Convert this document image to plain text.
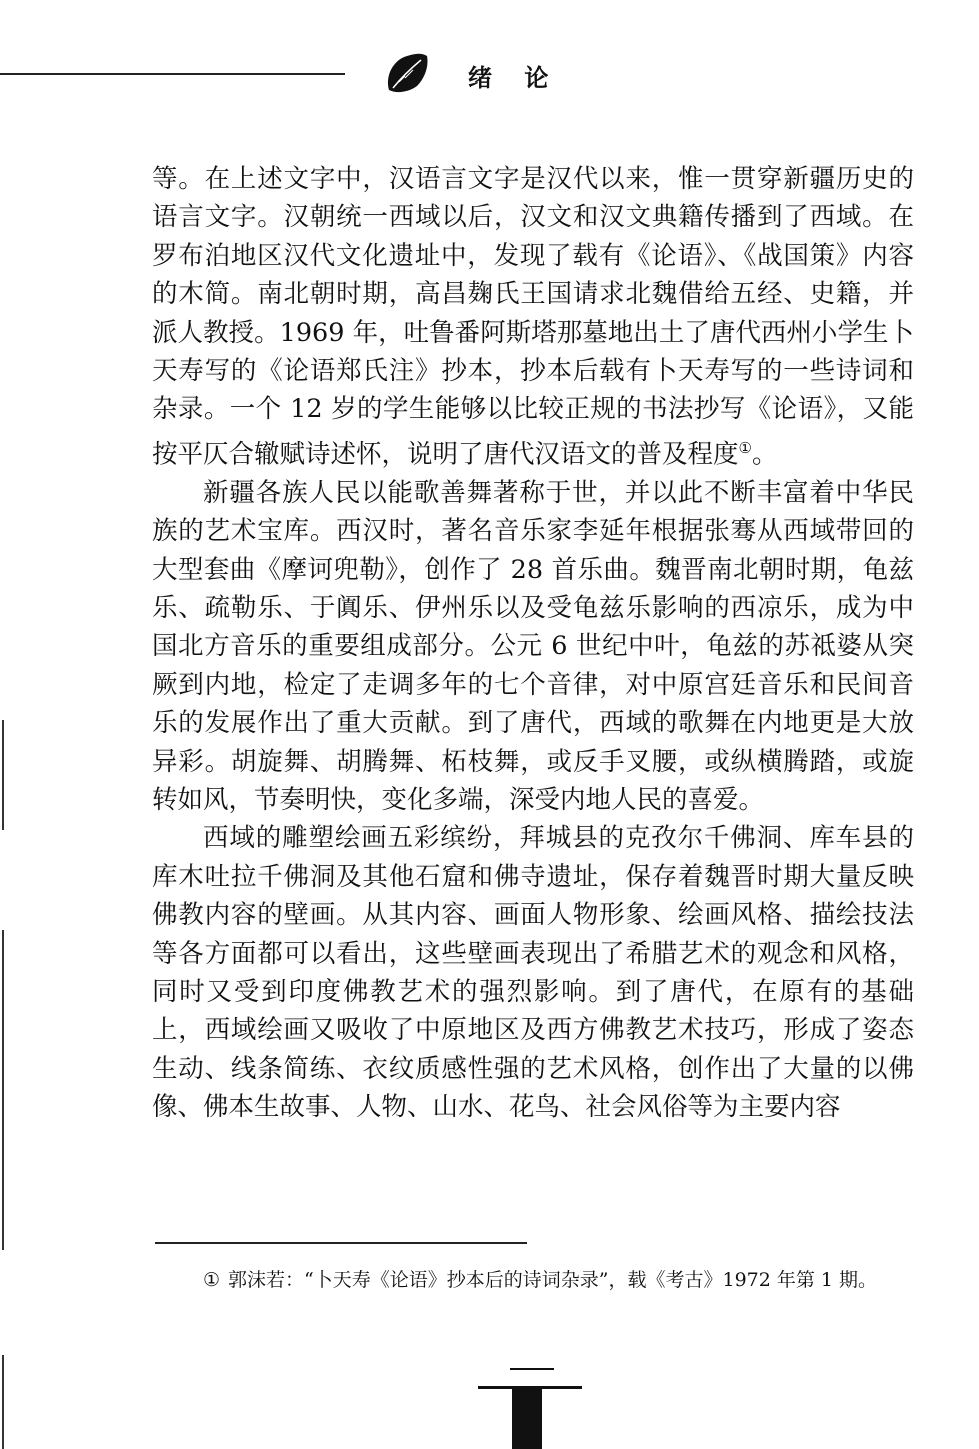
绪 论

等。在上述文字中，汉语言文字是汉代以来，惟一贯穿新疆历史的语言文字。汉朝统一西域以后，汉文和汉文典籍传播到了西域。在罗布泊地区汉代文化遗址中，发现了载有《论语》、《战国策》内容的木简。南北朝时期，高昌麹氏王国请求北魏借给五经、史籍，并派人教授。1969 年，吐鲁番阿斯塔那墓地出土了唐代西州小学生卜天寿写的《论语郑氏注》抄本，抄本后载有卜天寿写的一些诗词和杂录。一个 12 岁的学生能够以比较正规的书法抄写《论语》，又能按平仄合辙赋诗述怀，说明了唐代汉语文的普及程度①。

新疆各族人民以能歌善舞著称于世，并以此不断丰富着中华民族的艺术宝库。西汉时，著名音乐家李延年根据张骞从西域带回的大型套曲《摩诃兜勒》，创作了 28 首乐曲。魏晋南北朝时期，龟兹乐、疏勒乐、于阗乐、伊州乐以及受龟兹乐影响的西凉乐，成为中国北方音乐的重要组成部分。公元 6 世纪中叶，龟兹的苏祗婆从突厥到内地，检定了走调多年的七个音律，对中原宫廷音乐和民间音乐的发展作出了重大贡献。到了唐代，西域的歌舞在内地更是大放异彩。胡旋舞、胡腾舞、柘枝舞，或反手叉腰，或纵横腾踏，或旋转如风，节奏明快，变化多端，深受内地人民的喜爱。

西域的雕塑绘画五彩缤纷，拜城县的克孜尔千佛洞、库车县的库木吐拉千佛洞及其他石窟和佛寺遗址，保存着魏晋时期大量反映佛教内容的壁画。从其内容、画面人物形象、绘画风格、描绘技法等各方面都可以看出，这些壁画表现出了希腊艺术的观念和风格，同时又受到印度佛教艺术的强烈影响。到了唐代，在原有的基础上，西域绘画又吸收了中原地区及西方佛教艺术技巧，形成了姿态生动、线条简练、衣纹质感性强的艺术风格，创作出了大量的以佛像、佛本生故事、人物、山水、花鸟、社会风俗等为主要内容

① 郭沫若：“卜天寿《论语》抄本后的诗词杂录”，载《考古》1972 年第 1 期。
